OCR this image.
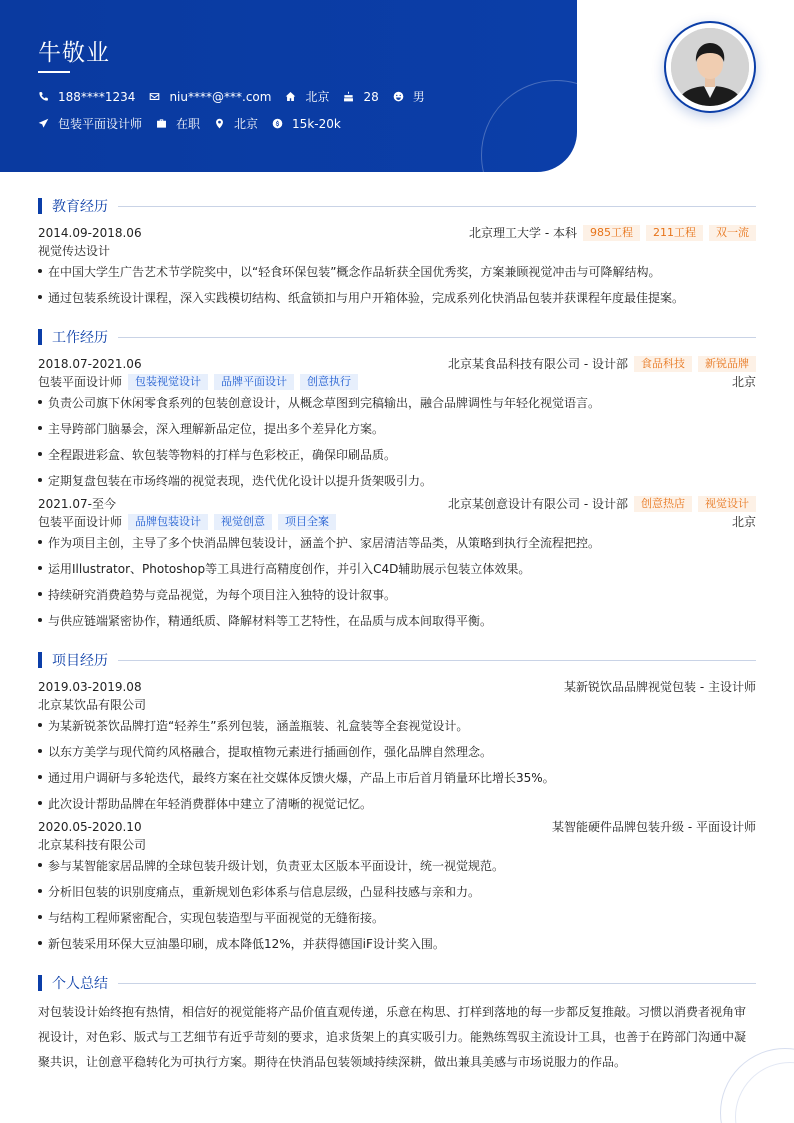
牛敬业
188****1234	niu****@***.com	北京	28	男
包装平面设计师	在职	北京	15k-20k
教育经历
2014.09-2018.06	北京理工大学 - 本科	985工程	211工程	双一流
视觉传达设计
在中国大学生广告艺术节学院奖中，以“轻食环保包装”概念作品斩获全国优秀奖，方案兼顾视觉冲击与可降解结构。
通过包装系统设计课程，深入实践模切结构、纸盒锁扣与用户开箱体验，完成系列化快消品包装并获课程年度最佳提案。
工作经历
2018.07-2021.06	北京某食品科技有限公司 - 设计部	食品科技	新锐品牌
包装平面设计师	包装视觉设计	品牌平面设计	创意执行	北京
负责公司旗下休闲零食系列的包装创意设计，从概念草图到完稿输出，融合品牌调性与年轻化视觉语言。
主导跨部门脑暴会，深入理解新品定位，提出多个差异化方案。
全程跟进彩盒、软包装等物料的打样与色彩校正，确保印刷品质。
定期复盘包装在市场终端的视觉表现，迭代优化设计以提升货架吸引力。
2021.07-至今	北京某创意设计有限公司 - 设计部	创意热店	视觉设计
包装平面设计师	品牌包装设计	视觉创意	项目全案	北京
作为项目主创，主导了多个快消品牌包装设计，涵盖个护、家居清洁等品类，从策略到执行全流程把控。
运用Illustrator、Photoshop等工具进行高精度创作，并引入C4D辅助展示包装立体效果。
持续研究消费趋势与竞品视觉，为每个项目注入独特的设计叙事。
与供应链端紧密协作，精通纸质、降解材料等工艺特性，在品质与成本间取得平衡。
项目经历
2019.03-2019.08	某新锐饮品品牌视觉包装 - 主设计师
北京某饮品有限公司
为某新锐茶饮品牌打造“轻养生”系列包装，涵盖瓶装、礼盒装等全套视觉设计。
以东方美学与现代简约风格融合，提取植物元素进行插画创作，强化品牌自然理念。
通过用户调研与多轮迭代，最终方案在社交媒体反馈火爆，产品上市后首月销量环比增长35%。
此次设计帮助品牌在年轻消费群体中建立了清晰的视觉记忆。
2020.05-2020.10	某智能硬件品牌包装升级 - 平面设计师
北京某科技有限公司
参与某智能家居品牌的全球包装升级计划，负责亚太区版本平面设计，统一视觉规范。
分析旧包装的识别度痛点，重新规划色彩体系与信息层级，凸显科技感与亲和力。
与结构工程师紧密配合，实现包装造型与平面视觉的无缝衔接。
新包装采用环保大豆油墨印刷，成本降低12%，并获得德国iF设计奖入围。
个人总结
对包装设计始终抱有热情，相信好的视觉能将产品价值直观传递，乐意在构思、打样到落地的每一步都反复推敲。习惯以消费者视角审视设计，对色彩、版式与工艺细节有近乎苛刻的要求，追求货架上的真实吸引力。能熟练驾驭主流设计工具，也善于在跨部门沟通中凝聚共识，让创意平稳转化为可执行方案。期待在快消品包装领域持续深耕，做出兼具美感与市场说服力的作品。
